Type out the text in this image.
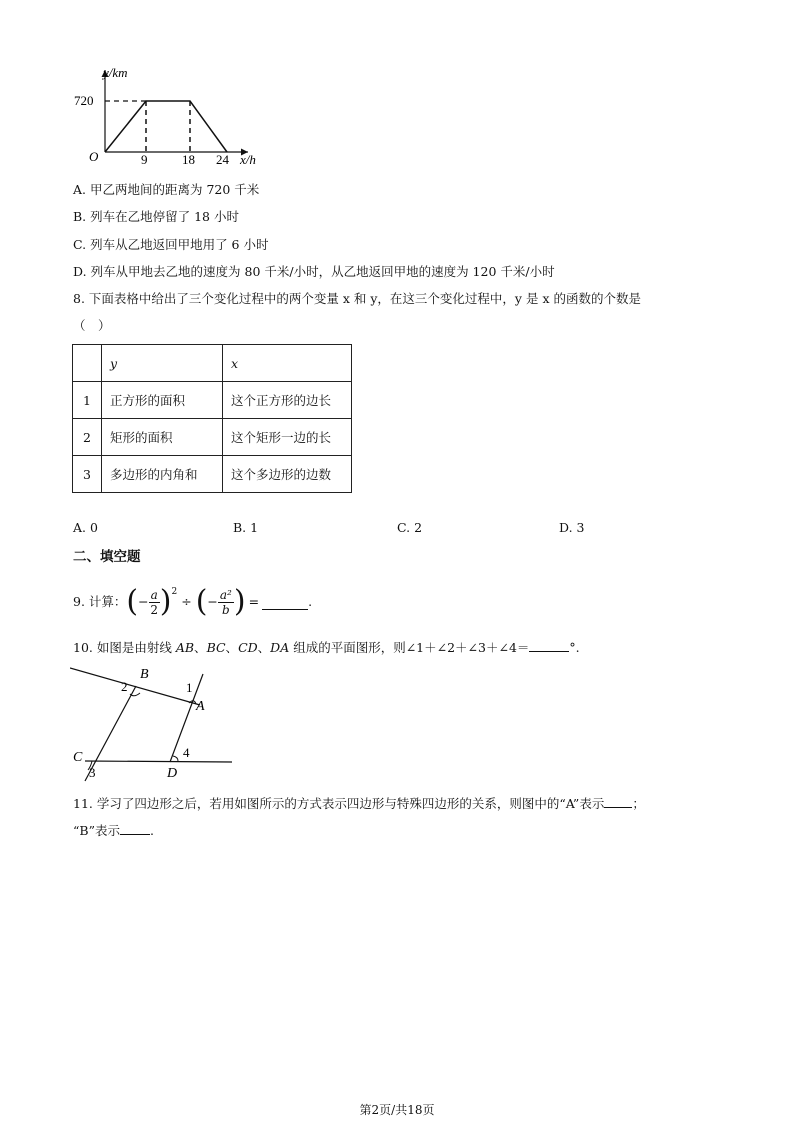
y/km
720
O	9	18 24 x/h
A. 甲乙两地间的距离为 720 千米
B. 列车在乙地停留了 18 小时
C. 列车从乙地返回甲地用了 6 小时
D. 列车从甲地去乙地的速度为 80 千米/小时，从乙地返回甲地的速度为 120 千米/小时
8. 下面表格中给出了三个变化过程中的两个变量 x 和 y，在这三个变化过程中，y 是 x 的函数的个数是
（　）
	y	x
1	正方形的面积	这个正方形的边长
2	矩形的面积	这个矩形一边的长
3	多边形的内角和	这个多边形的边数
A. 0	B. 1	C. 2	D. 3
二、填空题
9. 计算： ( − $\frac{a}{2} )^2$
÷ ( − $\frac{\text{a²}}{b}$ ) =	.
10. 如图是由射线 AB、BC、CD、DA 组成的平面图形，则∠1＋∠2＋∠3＋∠4＝	°.
B
2	1
A
4
C
3	D
11. 学习了四边形之后，若用如图所示的方式表示四边形与特殊四边形的关系，则图中的“A”表示 ；
“B”表示 .
第2页/共18页
